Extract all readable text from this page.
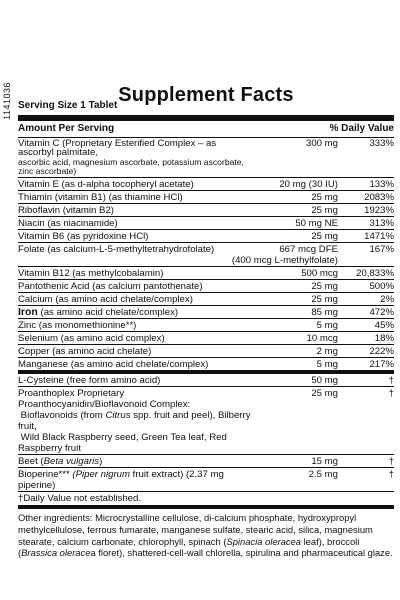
1141036	Supplement Facts
Serving Size 1 Tablet
Amount Per Serving	% Daily Value
Vitamin C (Proprietary Esterified Complex – as ascorbyl palmitate,
ascorbic acid, magnesium ascorbate, potassium ascorbate, zinc ascorbate)
300 mg	333%
Vitamin E (as d-alpha tocopheryl acetate)	20 mg (30 IU)	133%
Thiamin (vitamin B1) (as thiamine HCl)	25 mg	2083%
Riboflavin (vitamin B2)	25 mg	1923%
Niacin (as niacinamide)	50 mg NE	313%
Vitamin B6 (as pyridoxine HCl)	25 mg	1471%
Folate (as calcium-L-5-methyltetrahydrofolate)	667 mcg DFE	167%
(400 mcg L-methylfolate)
Vitamin B12 (as methylcobalamin)	500 mcg	20,833%
Pantothenic Acid (as calcium pantothenate)	25 mg	500%
Calcium (as amino acid chelate/complex)	25 mg	2%
Iron (as amino acid chelate/complex)	85 mg	472%
Zinc (as monomethionine**)	5 mg	45%
Selenium (as amino acid complex)	10 mcg	18%
Copper (as amino acid chelate)	2 mg	222%
Manganese (as amino acid chelate/complex)	5 mg	217%
L-Cysteine (free form amino acid)	50 mg	†
Proanthoplex Proprietary Proanthocyanidin/Bioflavonoid Complex:
Bioflavonoids (from Citrus spp. fruit and peel), Bilberry fruit,
Wild Black Raspberry seed, Green Tea leaf, Red Raspberry fruit
25 mg	†
Beet (Beta vulgaris)	15 mg	†
Bioperine*** (Piper nigrum fruit extract) (2.37 mg piperine)
2.5 mg	†
†Daily Value not established.
Other ingredients: Microcrystalline cellulose, di-calcium phosphate, hydroxypropyl methylcellulose, ferrous fumarate, manganese sulfate, stearic acid, silica, magnesium stearate, calcium carbonate, chlorophyll, spinach (Spinacia oleracea leaf), broccoli (Brassica oleracea floret), shattered-cell-wall chlorella, spirulina and pharmaceutical glaze.
